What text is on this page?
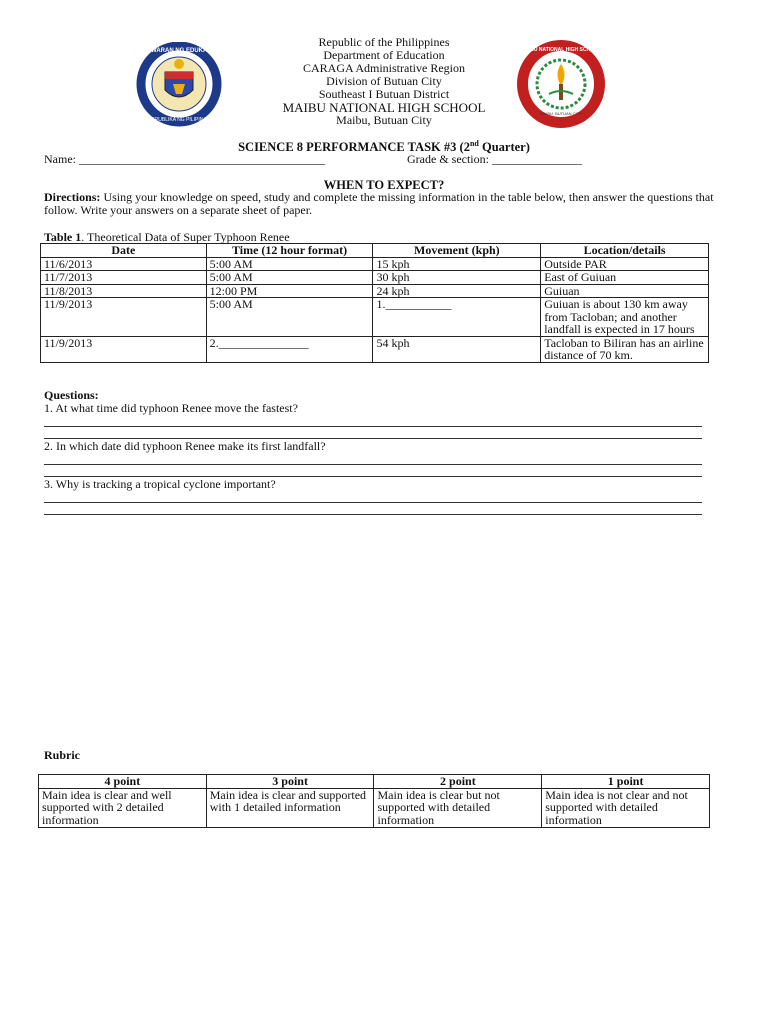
KAGAWARAN NG EDUKASYON
REPUBLIKA NG PILIPINAS
MAIBU NATIONAL HIGH SCHOOL
MAIBU, BUTUAN CITY
Republic of the Philippines
Department of Education
CARAGA Administrative Region
Division of Butuan City
Southeast I Butuan District
MAIBU NATIONAL HIGH SCHOOL
Maibu, Butuan City
SCIENCE 8 PERFORMANCE TASK #3 (2nd Quarter)
Name: _________________________________________	Grade & section: _______________
WHEN TO EXPECT?
Directions: Using your knowledge on speed, study and complete the missing information in the table below, then answer the questions that follow. Write your answers on a separate sheet of paper.
Table 1. Theoretical Data of Super Typhoon Renee
Date	Time (12 hour format)	Movement (kph)	Location/details
11/6/2013	5:00 AM	15 kph	Outside PAR
11/7/2013	5:00 AM	30 kph	East of Guiuan
11/8/2013	12:00 PM	24 kph	Guiuan
11/9/2013	5:00 AM	1.___________	Guiuan is about 130 km away from Tacloban; and another landfall is expected in 17 hours
11/9/2013	2._______________	54 kph	Tacloban to Biliran has an airline distance of 70 km.
Questions:
1. At what time did typhoon Renee move the fastest?
2. In which date did typhoon Renee make its first landfall?
3. Why is tracking a tropical cyclone important?
Rubric
4 point	3 point	2 point	1 point
Main idea is clear and well supported with 2 detailed information	Main idea is clear and supported with 1 detailed information	Main idea is clear but not supported with detailed information	Main idea is not clear and not supported with detailed information
